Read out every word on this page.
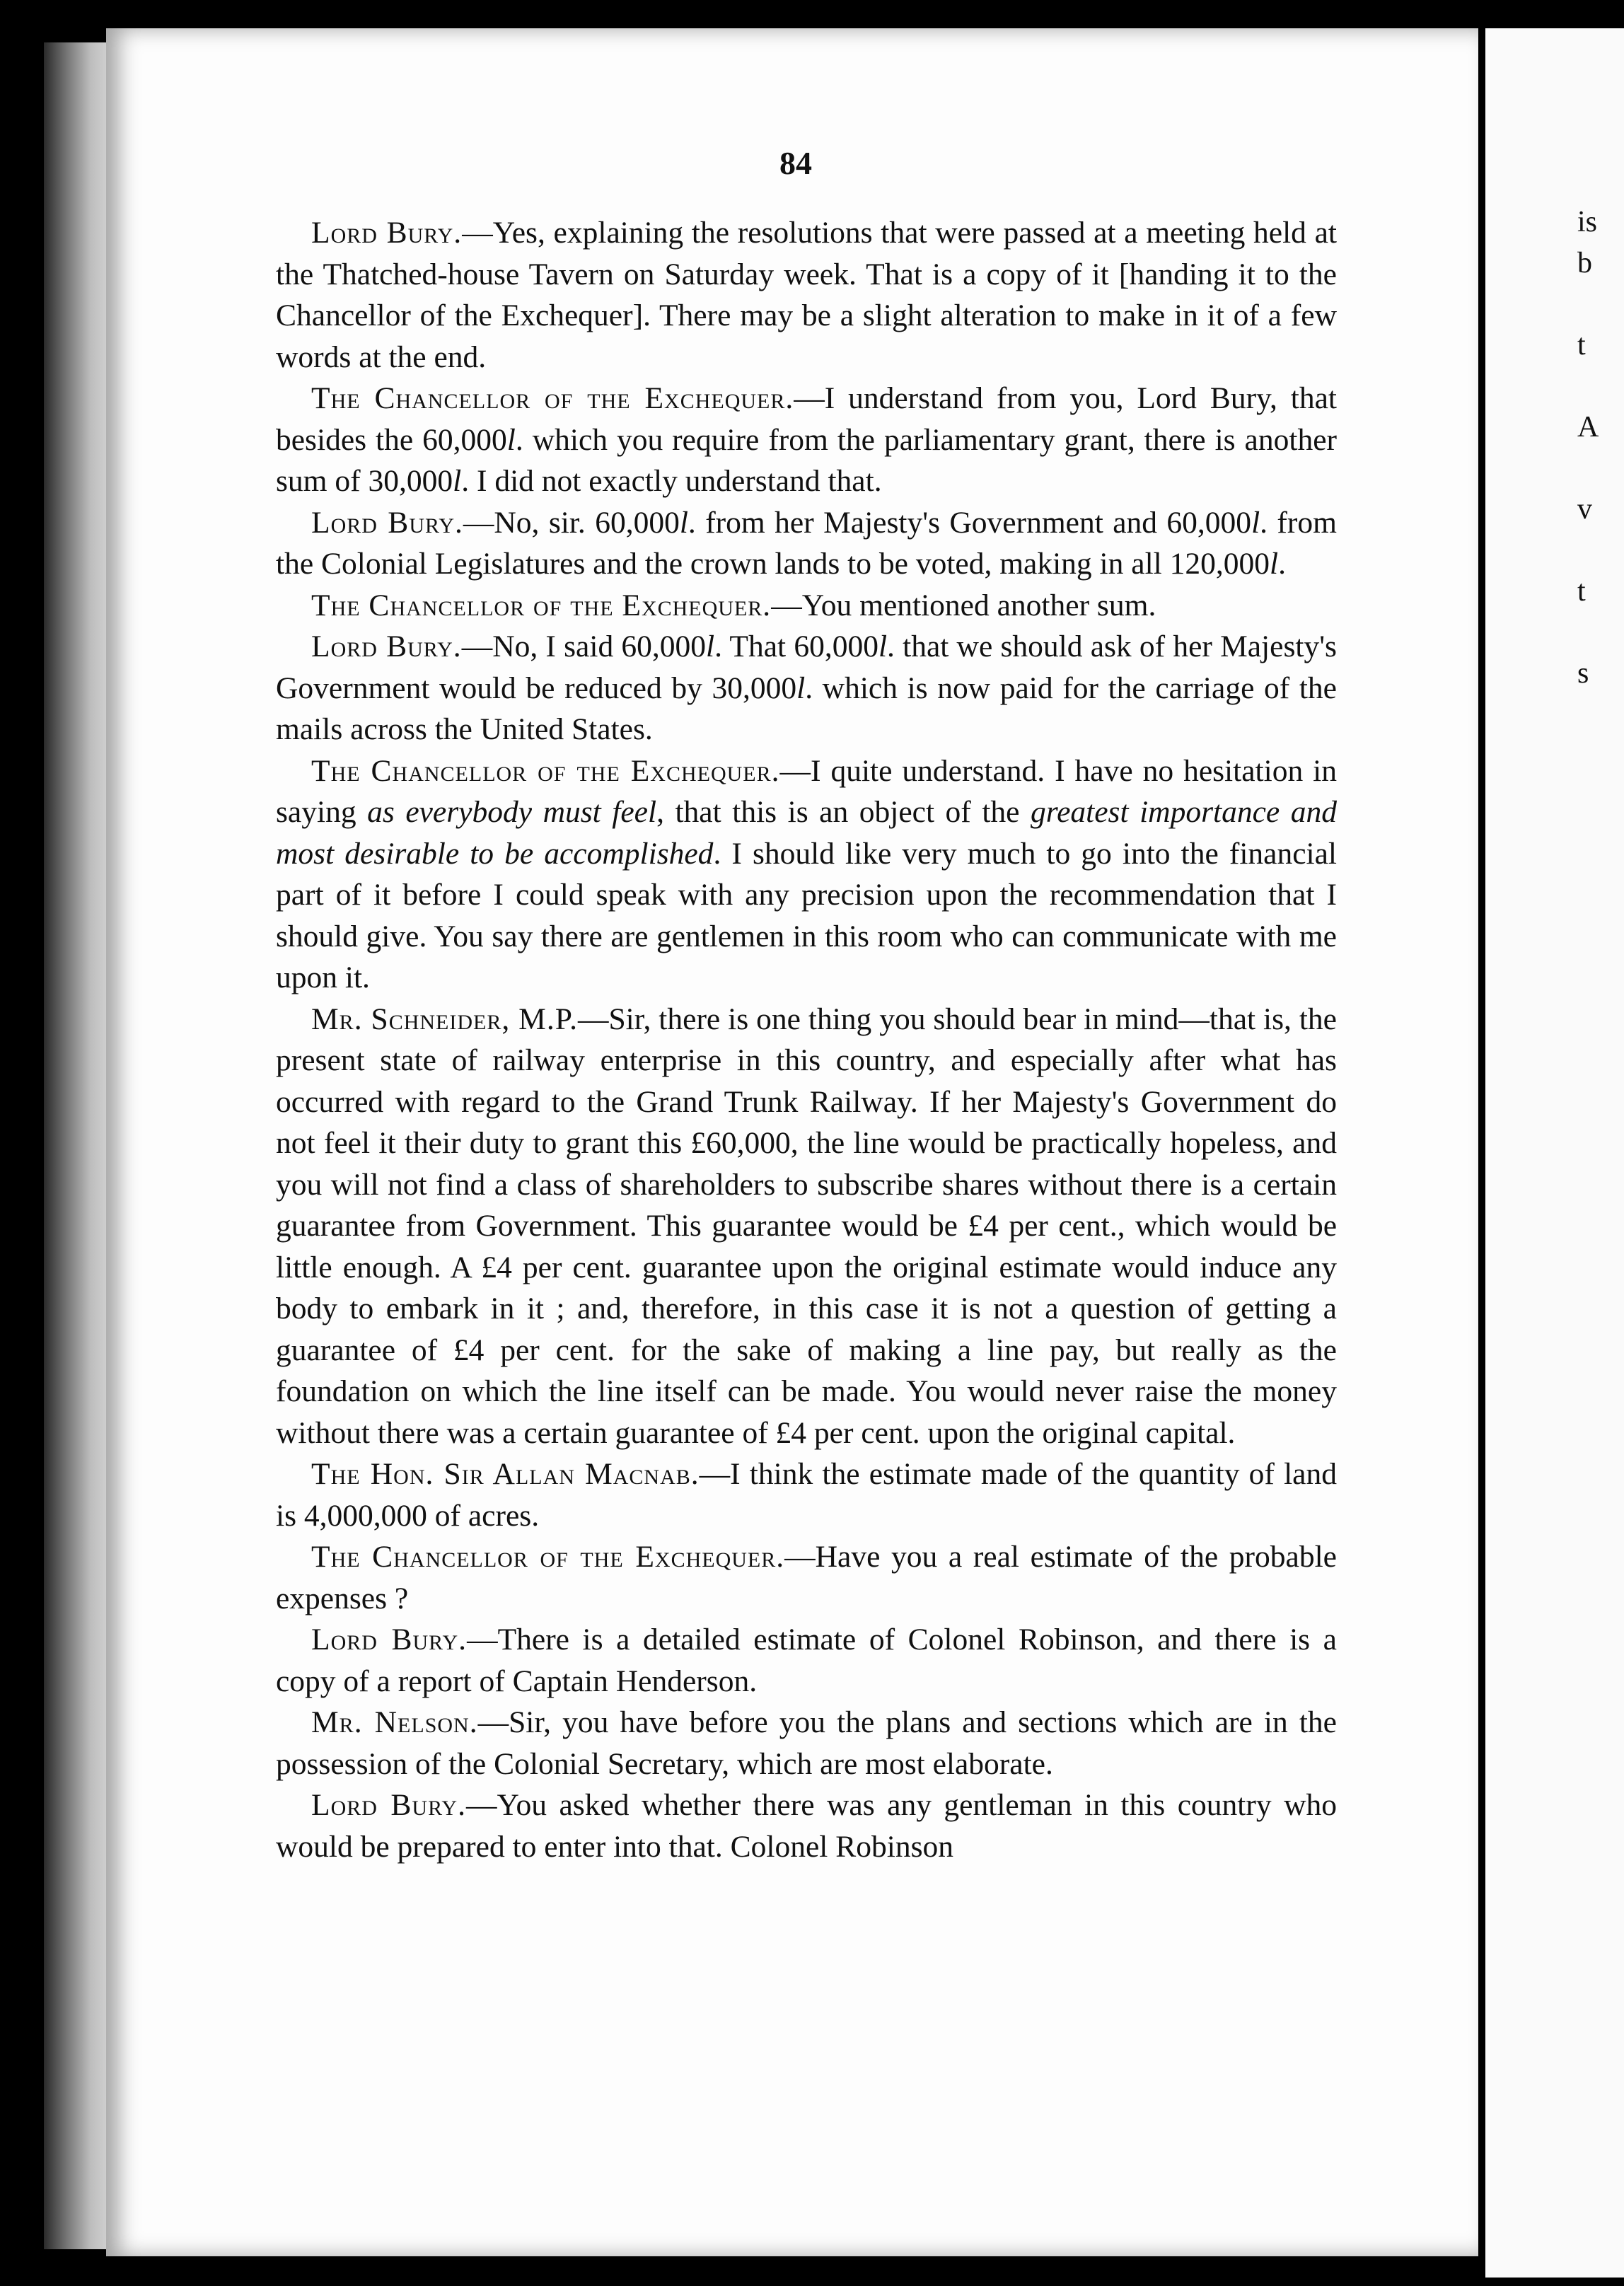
is
b
t
A
v
t
s
84

Lord Bury.—Yes, explaining the resolutions that were passed at a meeting held at the Thatched-house Tavern on Saturday week. That is a copy of it [handing it to the Chancellor of the Exchequer]. There may be a slight alteration to make in it of a few words at the end.

The Chancellor of the Exchequer.—I understand from you, Lord Bury, that besides the 60,000l. which you require from the parliamentary grant, there is another sum of 30,000l. I did not exactly understand that.

Lord Bury.—No, sir. 60,000l. from her Majesty's Government and 60,000l. from the Colonial Legislatures and the crown lands to be voted, making in all 120,000l.

The Chancellor of the Exchequer.—You mentioned another sum.

Lord Bury.—No, I said 60,000l. That 60,000l. that we should ask of her Majesty's Government would be reduced by 30,000l. which is now paid for the carriage of the mails across the United States.

The Chancellor of the Exchequer.—I quite understand. I have no hesitation in saying as everybody must feel, that this is an object of the greatest importance and most desirable to be accomplished. I should like very much to go into the financial part of it before I could speak with any precision upon the recommendation that I should give. You say there are gentlemen in this room who can communicate with me upon it.

Mr. Schneider, M.P.—Sir, there is one thing you should bear in mind—that is, the present state of railway enterprise in this country, and especially after what has occurred with regard to the Grand Trunk Railway. If her Majesty's Government do not feel it their duty to grant this £60,000, the line would be practically hopeless, and you will not find a class of shareholders to subscribe shares without there is a certain guarantee from Government. This guarantee would be £4 per cent., which would be little enough. A £4 per cent. guarantee upon the original estimate would induce any body to embark in it ; and, therefore, in this case it is not a question of getting a guarantee of £4 per cent. for the sake of making a line pay, but really as the foundation on which the line itself can be made. You would never raise the money without there was a certain guarantee of £4 per cent. upon the original capital.

The Hon. Sir Allan Macnab.—I think the estimate made of the quantity of land is 4,000,000 of acres.

The Chancellor of the Exchequer.—Have you a real estimate of the probable expenses ?

Lord Bury.—There is a detailed estimate of Colonel Robinson, and there is a copy of a report of Captain Henderson.

Mr. Nelson.—Sir, you have before you the plans and sections which are in the possession of the Colonial Secretary, which are most elaborate.

Lord Bury.—You asked whether there was any gentleman in this country who would be prepared to enter into that. Colonel Robinson
